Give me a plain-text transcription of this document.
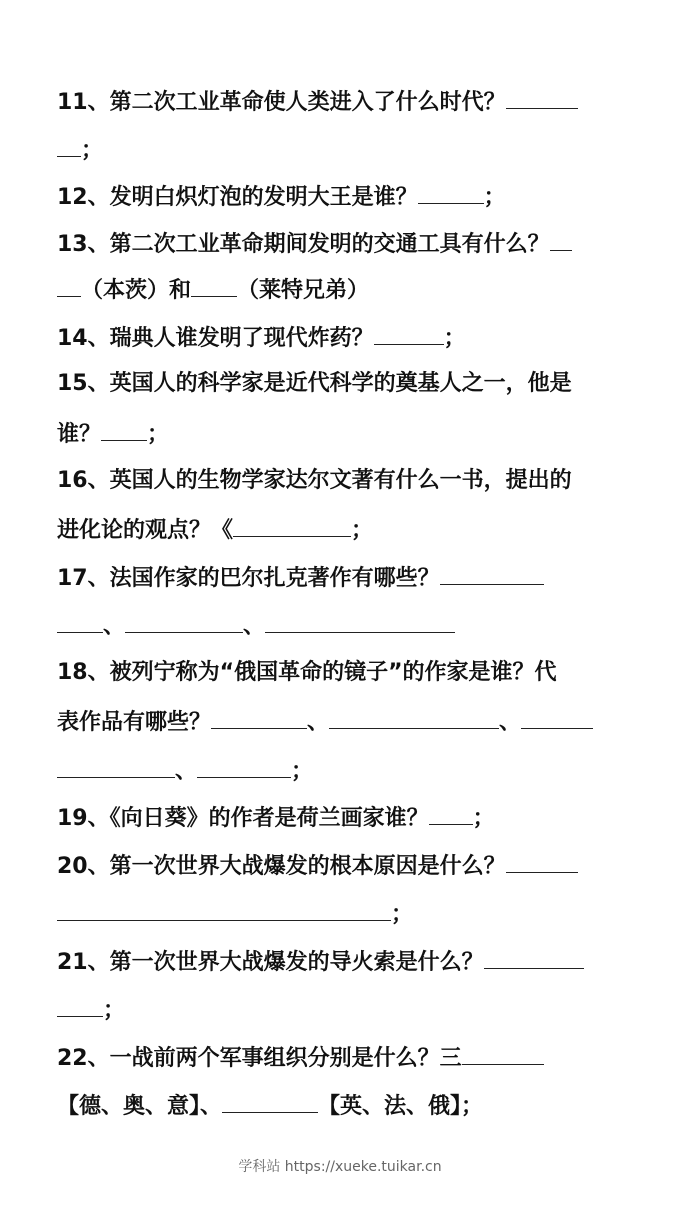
11、第二次工业革命使人类进入了什么时代？
；
12、发明白炽灯泡的发明大王是谁？	；
13、第二次工业革命期间发明的交通工具有什么？
（本茨）和 （莱特兄弟）
14、瑞典人谁发明了现代炸药？	；
15、英国人的科学家是近代科学的奠基人之一，他是
谁？ ；
16、英国人的生物学家达尔文著有什么一书，提出的
进化论的观点？《	；
17、法国作家的巴尔扎克著作有哪些？
、	、
18、被列宁称为“俄国革命的镜子”的作家是谁？代
表作品有哪些？	、	、
、	；
19、《向日葵》的作者是荷兰画家谁？ ；
20、第一次世界大战爆发的根本原因是什么？
；
21、第一次世界大战爆发的导火索是什么？
；
22、一战前两个军事组织分别是什么？三
【德、奥、意】、	【英、法、俄】；
学科站 https://xueke.tuikar.cn
